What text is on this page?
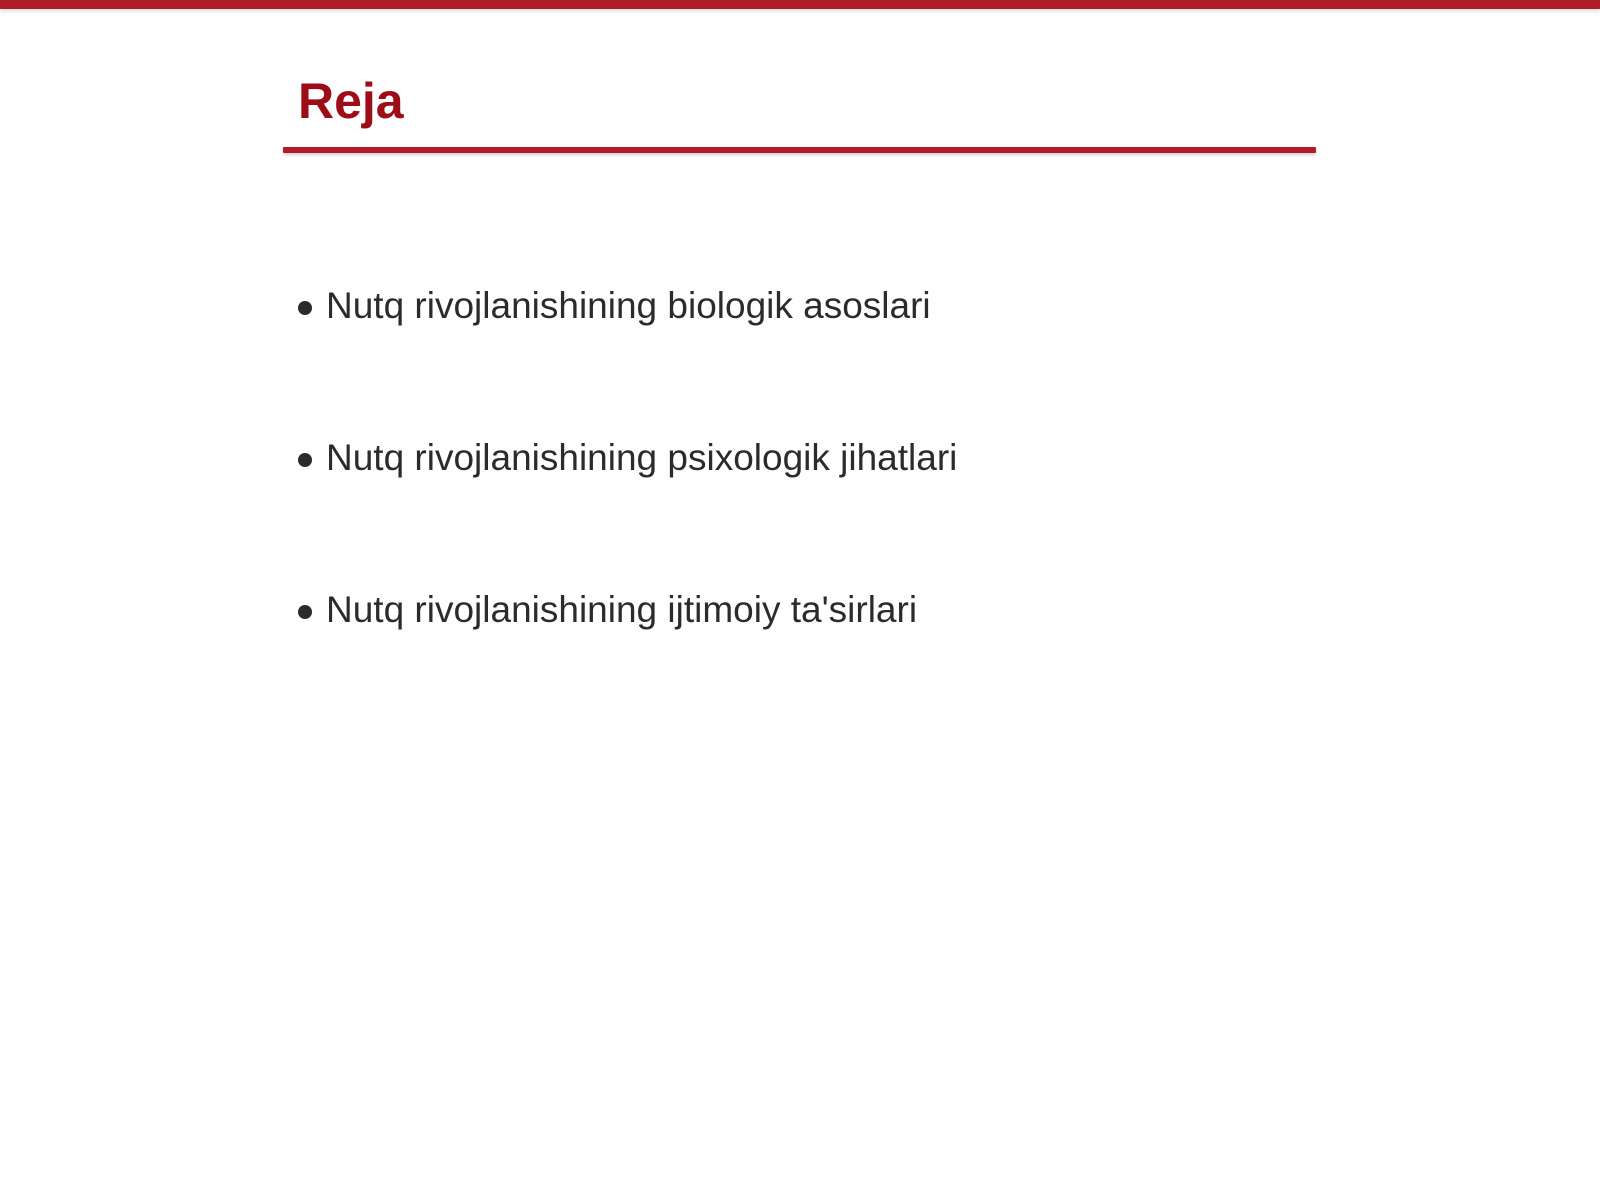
Reja
Nutq rivojlanishining biologik asoslari
Nutq rivojlanishining psixologik jihatlari
Nutq rivojlanishining ijtimoiy ta'sirlari
